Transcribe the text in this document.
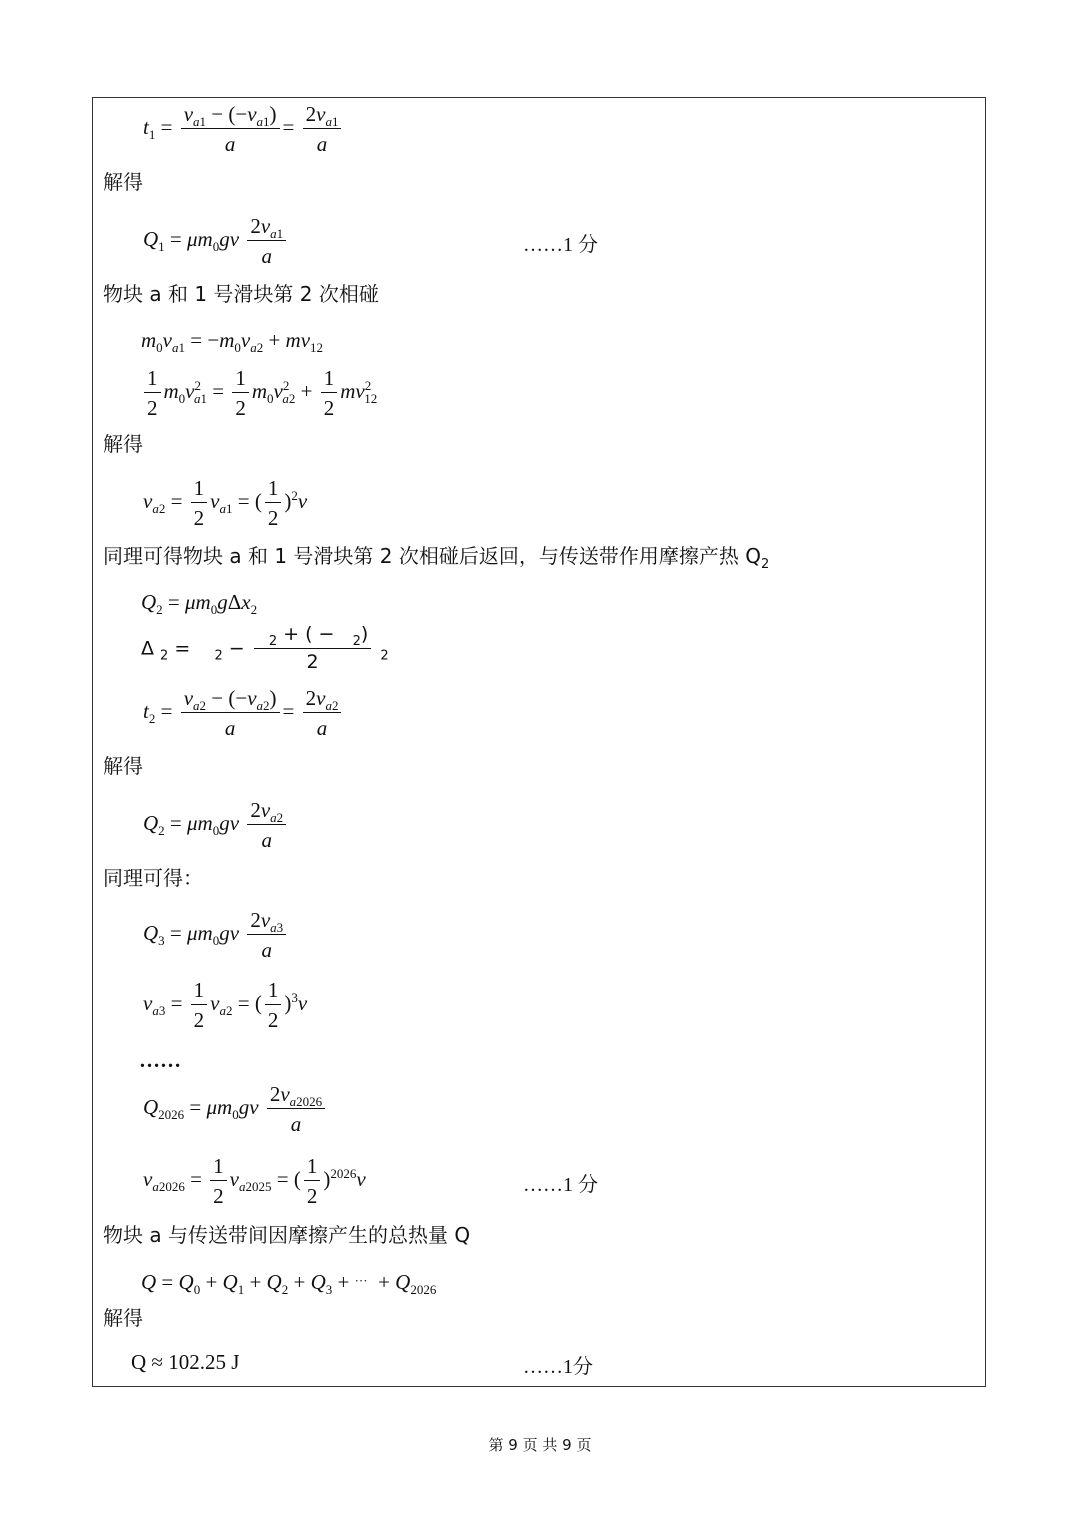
$t_1 = \frac{v_{a1} - (-v_{a1})}{a} = \frac{2v_{a1}}{a}$
解得
$Q_1 = \mu m_0gv \frac{2v_{a1}}{a}$	……1 分
物块 a 和 1 号滑块第 2 次相碰
$m_0v_{a1} = -m_0v_{a2} + mv_{12}$
$\frac{1}{2} m_0v^2_{a1} = \frac{1}{2} m_0v^2_{a2} + \frac{1}{2} mv^2_{12}$
解得
$v_{a2} = \frac{1}{2} v_{a1}$ = ( $\frac{1}{2} )^2v$
同理可得物块 a 和 1 号滑块第 2 次相碰后返回，与传送带作用摩擦产热 $Q_2$
$Q_2 = \mu m_0g\Delta x_2$
Δ $_2$ =    $_2 - \frac{_2 + ( - _2)}{2} _2$
$t_2 = \frac{v_{a2} - (-v_{a2})}{a} = \frac{2v_{a2}}{a}$
解得
$Q_2 = \mu m_0gv \frac{2v_{a2}}{a}$
同理可得：
$Q_3 = \mu m_0gv \frac{2v_{a3}}{a}$
$v_{a3} = \frac{1}{2} v_{a2}$ = ( $\frac{1}{2} )^3v$
……
$Q_{2026} = \mu m_0gv \frac{2v_{a2026}}{a}$
$v_{a2026} = \frac{1}{2} v_{a2025}$ = ( $\frac{1}{2} )^{2026}v$	……1 分
物块 a 与传送带间因摩擦产生的总热量 Q
$Q = Q_0 + Q_1 + Q_2 + Q_3$ + ···  + $Q_{2026}$
解得
Q ≈ 102.25 J	……1分
第 9 页 共 9 页
